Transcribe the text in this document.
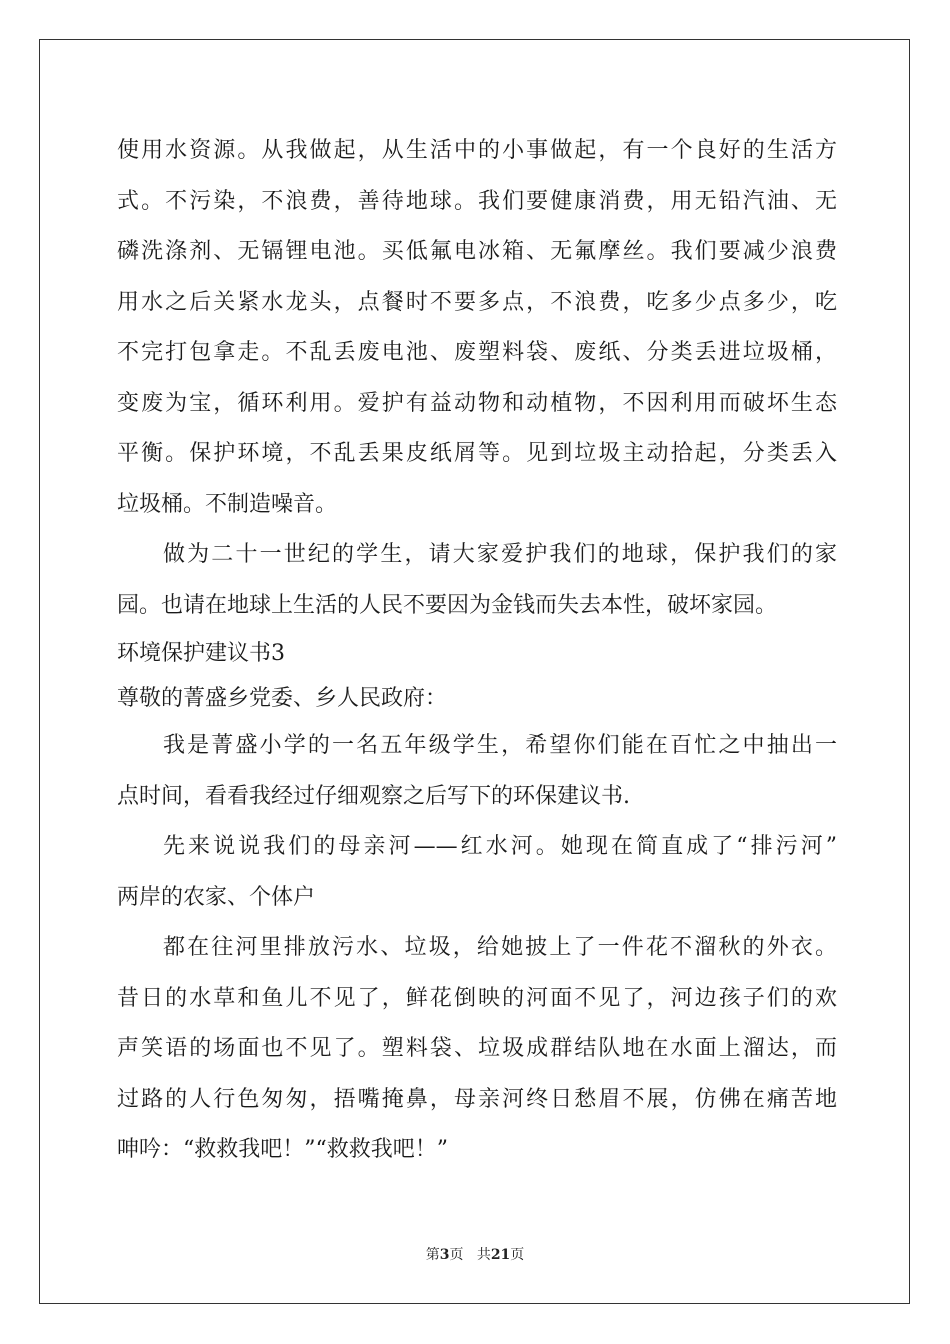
使用水资源。从我做起，从生活中的小事做起，有一个良好的生活方
式。不污染，不浪费，善待地球。我们要健康消费，用无铅汽油、无
磷洗涤剂、无镉锂电池。买低氟电冰箱、无氟摩丝。我们要减少浪费
用水之后关紧水龙头，点餐时不要多点，不浪费，吃多少点多少，吃
不完打包拿走。不乱丢废电池、废塑料袋、废纸、分类丢进垃圾桶，
变废为宝，循环利用。爱护有益动物和动植物，不因利用而破坏生态
平衡。保护环境，不乱丢果皮纸屑等。见到垃圾主动拾起，分类丢入
垃圾桶。不制造噪音。
做为二十一世纪的学生，请大家爱护我们的地球，保护我们的家
园。也请在地球上生活的人民不要因为金钱而失去本性，破坏家园。
环境保护建议书3
尊敬的菁盛乡党委、乡人民政府：
我是菁盛小学的一名五年级学生，希望你们能在百忙之中抽出一
点时间，看看我经过仔细观察之后写下的环保建议书.
先来说说我们的母亲河——红水河。她现在简直成了“排污河”
两岸的农家、个体户
都在往河里排放污水、垃圾，给她披上了一件花不溜秋的外衣。
昔日的水草和鱼儿不见了，鲜花倒映的河面不见了，河边孩子们的欢
声笑语的场面也不见了。塑料袋、垃圾成群结队地在水面上溜达，而
过路的人行色匆匆，捂嘴掩鼻，母亲河终日愁眉不展，仿佛在痛苦地
呻吟：“救救我吧！”“救救我吧！”
第3页 共21页
